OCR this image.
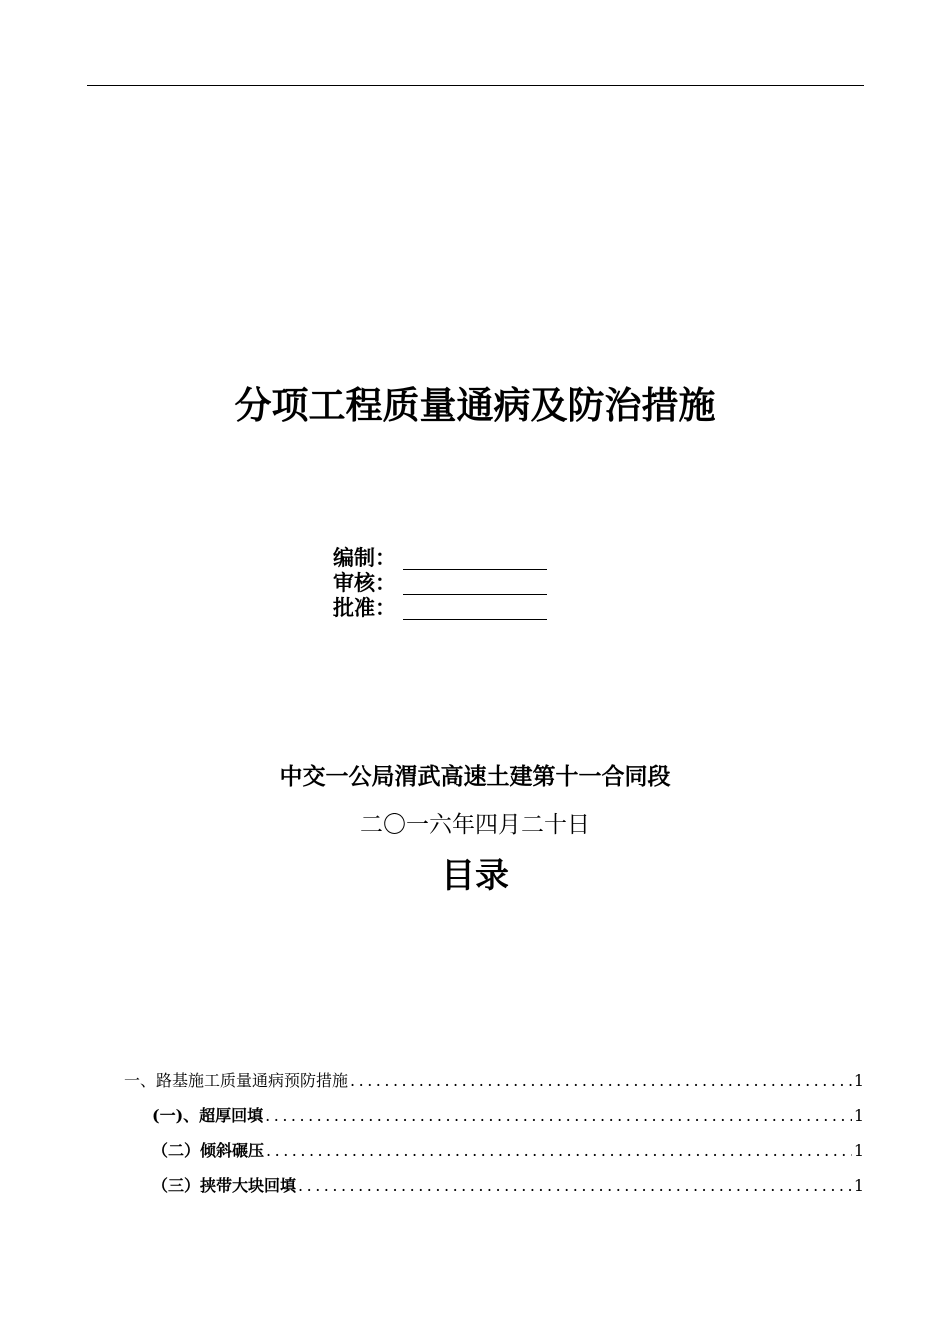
分项工程质量通病及防治措施
编制：
审核：
批准：
中交一公局渭武高速土建第十一合同段
二〇一六年四月二十日
目录
一、路基施工质量通病预防措施 .....	1
(一)、超厚回填 .....	1
（二）倾斜碾压 .....	1
（三）挟带大块回填 .....	1
